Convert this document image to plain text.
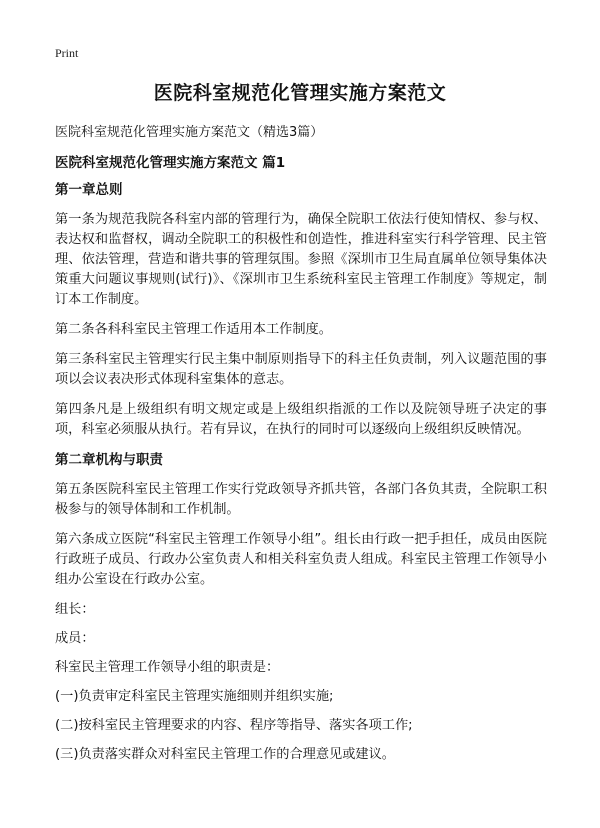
Print
医院科室规范化管理实施方案范文

医院科室规范化管理实施方案范文（精选3篇）

医院科室规范化管理实施方案范文 篇1

第一章总则

第一条为规范我院各科室内部的管理行为，确保全院职工依法行使知情权、参与权、表达权和监督权，调动全院职工的积极性和创造性，推进科室实行科学管理、民主管理、依法管理，营造和谐共事的管理氛围。参照《深圳市卫生局直属单位领导集体决策重大问题议事规则(试行)》、《深圳市卫生系统科室民主管理工作制度》等规定，制订本工作制度。

第二条各科科室民主管理工作适用本工作制度。

第三条科室民主管理实行民主集中制原则指导下的科主任负责制，列入议题范围的事项以会议表决形式体现科室集体的意志。

第四条凡是上级组织有明文规定或是上级组织指派的工作以及院领导班子决定的事项，科室必须服从执行。若有异议，在执行的同时可以逐级向上级组织反映情况。

第二章机构与职责

第五条医院科室民主管理工作实行党政领导齐抓共管，各部门各负其责，全院职工积极参与的领导体制和工作机制。

第六条成立医院“科室民主管理工作领导小组”。组长由行政一把手担任，成员由医院行政班子成员、行政办公室负责人和相关科室负责人组成。科室民主管理工作领导小组办公室设在行政办公室。

组长：

成员：

科室民主管理工作领导小组的职责是：

(一)负责审定科室民主管理实施细则并组织实施;

(二)按科室民主管理要求的内容、程序等指导、落实各项工作;

(三)负责落实群众对科室民主管理工作的合理意见或建议。
